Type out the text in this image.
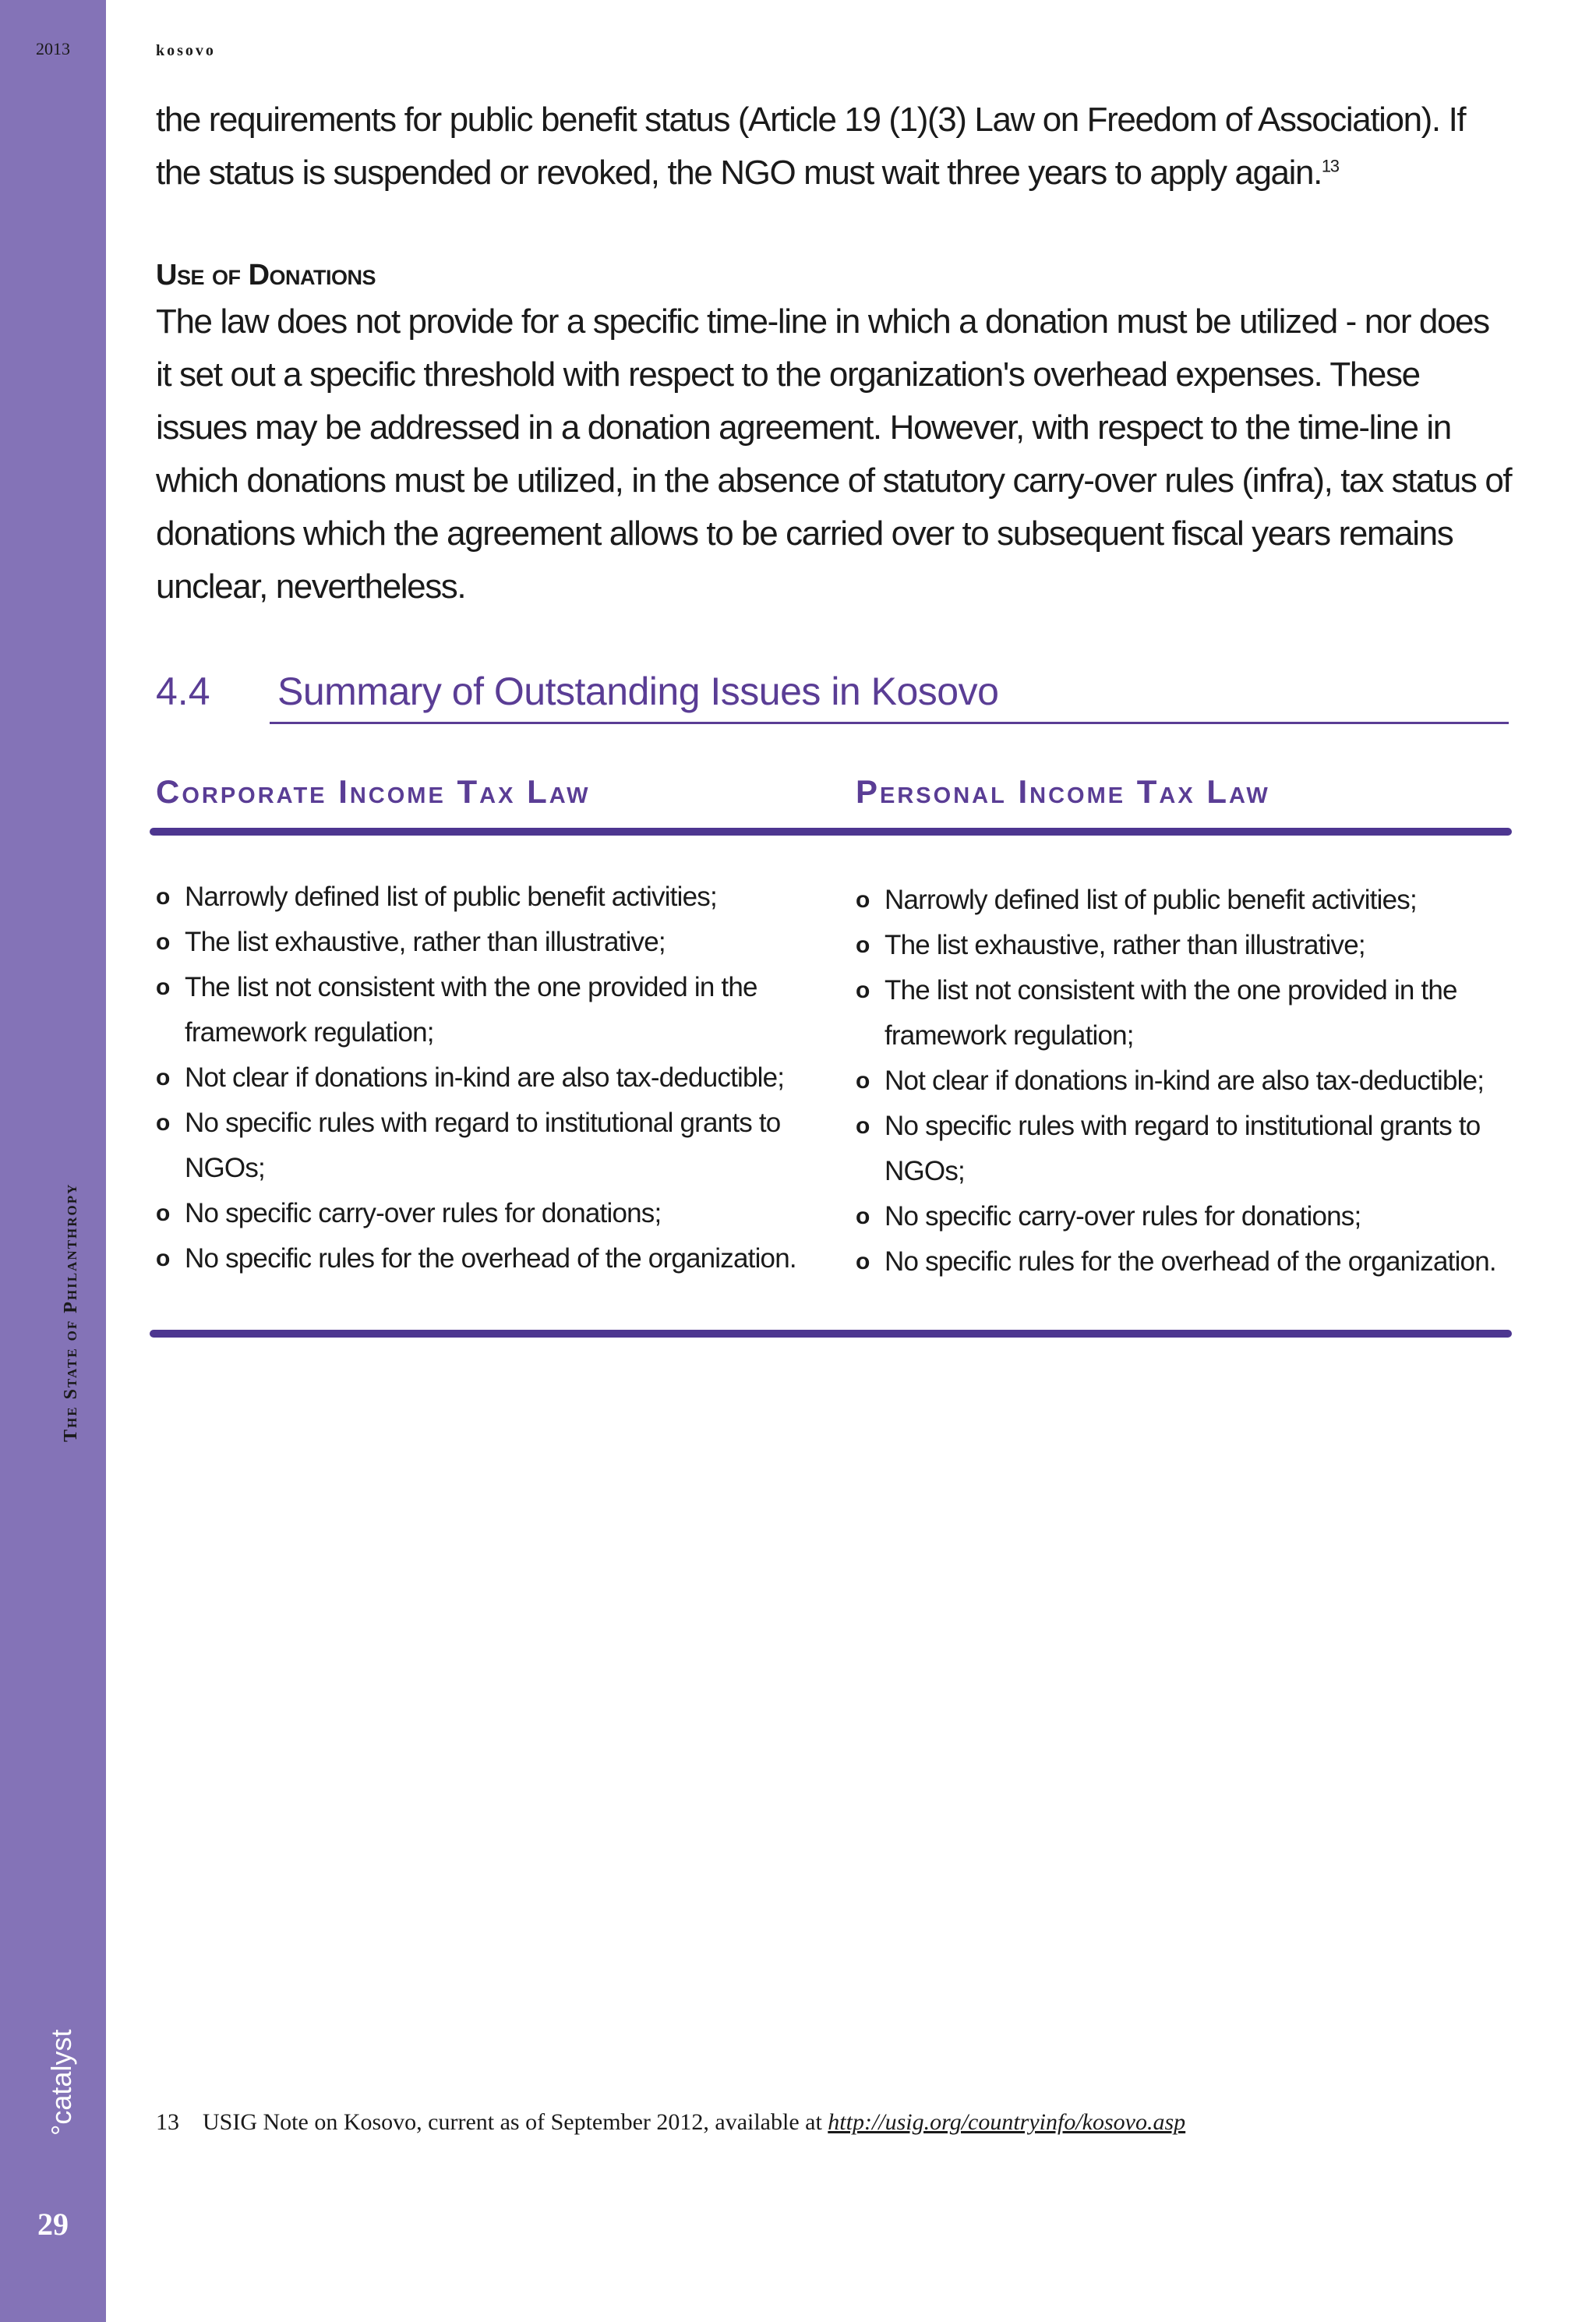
2013
The State of Philanthropy
°catalyst
29
kosovo

the requirements for public benefit status (Article 19 (1)(3) Law on Freedom of Association). If the status is suspended or revoked, the NGO must wait three years to apply again.$^{13}$

Use of Donations

The law does not provide for a specific time-line in which a donation must be utilized - nor does it set out a specific threshold with respect to the organization's overhead expenses. These issues may be addressed in a donation agreement. However, with respect to the time-line in which donations must be utilized, in the absence of statutory carry-over rules (infra), tax status of donations which the agreement allows to be carried over to subsequent fiscal years remains unclear, nevertheless.

4.4 Summary of Outstanding Issues in Kosovo
Corporate Income Tax Law	Personal Income Tax Law
o Narrowly defined list of public benefit activities;
o The list exhaustive, rather than illustrative;
o The list not consistent with the one provided in the framework regulation;
o Not clear if donations in-kind are also tax-deductible;
o No specific rules with regard to institutional grants to NGOs;
o No specific carry-over rules for donations;
o No specific rules for the overhead of the organization.
o Narrowly defined list of public benefit activities;
o The list exhaustive, rather than illustrative;
o The list not consistent with the one provided in the framework regulation;
o Not clear if donations in-kind are also tax-deductible;
o No specific rules with regard to institutional grants to NGOs;
o No specific carry-over rules for donations;
o No specific rules for the overhead of the organization.
13 USIG Note on Kosovo, current as of September 2012, available at http://usig.org/countryinfo/kosovo.asp
